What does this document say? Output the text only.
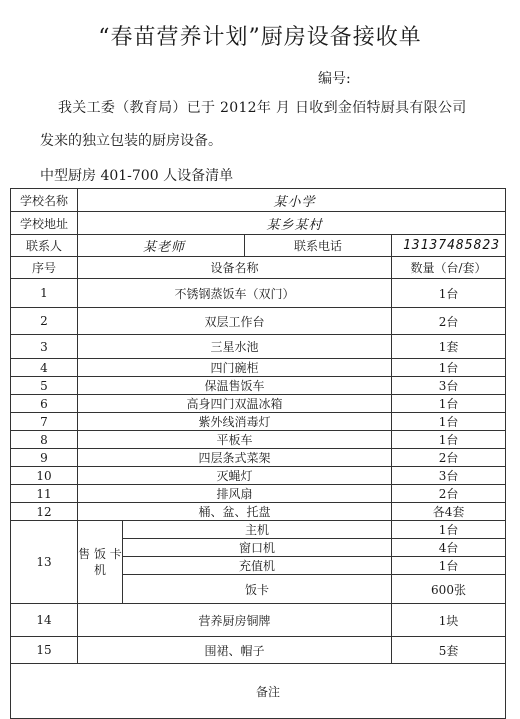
“春苗营养计划”厨房设备接收单
编号:
我关工委（教育局）已于 2012年 月 日收到金佰特厨具有限公司
发来的独立包装的厨房设备。
中型厨房 401-700 人设备清单
学校名称	某小学			
学校地址	某乡某村			
联系人	某老师		联系电话	13137485823
序号	设备名称			数量（台/套）
1	不锈钢蒸饭车（双门）			1台
2	双层工作台			2台
3	三星水池			1套
4	四门碗柜			1台
5	保温售饭车			3台
6	高身四门双温冰箱			1台
7	紫外线消毒灯			1台
8	平板车			1台
9	四层条式菜架			2台
10	灭蝇灯			3台
11	排风扇			2台
12	桶、盆、托盘			各4套
13	售 饭 卡机	主机		1台
		窗口机		4台
		充值机		1台
		饭卡		600张
14	营养厨房铜牌			1块
15	围裙、帽子			5套
备注				
